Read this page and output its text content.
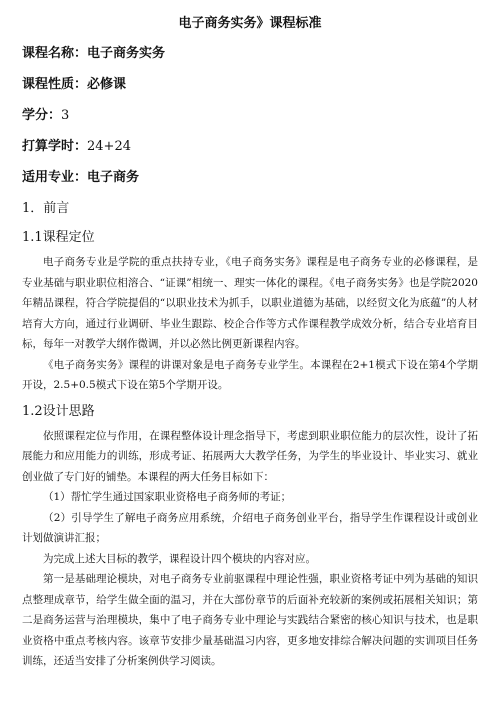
电子商务实务》课程标准
课程名称：电子商务实务
课程性质：必修课
学分：3
打算学时：24+24
适用专业：电子商务
1．前言
1.1课程定位

电子商务专业是学院的重点扶持专业，《电子商务实务》课程是电子商务专业的必修课程，是专业基础与职业职位相溶合、“证课”相统一、理实一体化的课程。《电子商务实务》也是学院2020年精品课程，符合学院提倡的“以职业技术为抓手，以职业道德为基础，以经贸文化为底蕴”的人材培育大方向，通过行业调研、毕业生跟踪、校企合作等方式作课程教学成效分析，结合专业培育目标，每年一对教学大纲作微调，并以必然比例更新课程内容。

《电子商务实务》课程的讲课对象是电子商务专业学生。本课程在2+1模式下设在第4个学期开设，2.5+0.5模式下设在第5个学期开设。

1.2设计思路

依照课程定位与作用，在课程整体设计理念指导下，考虑到职业职位能力的层次性，设计了拓展能力和应用能力的训练，形成考证、拓展两大大教学任务，为学生的毕业设计、毕业实习、就业创业做了专门好的铺垫。本课程的两大任务目标如下：

（1）帮忙学生通过国家职业资格电子商务师的考证；

（2）引导学生了解电子商务应用系统，介绍电子商务创业平台，指导学生作课程设计或创业计划做演讲汇报；

为完成上述大目标的教学，课程设计四个模块的内容对应。

第一是基础理论模块，对电子商务专业前驱课程中理论性强，职业资格考证中列为基础的知识点整理成章节，给学生做全面的温习，并在大部份章节的后面补充较新的案例或拓展相关知识；第二是商务运营与治理模块，集中了电子商务专业中理论与实践结合紧密的核心知识与技术，也是职业资格中重点考核内容。该章节安排少量基础温习内容，更多地安排综合解决问题的实训项目任务训练，还适当安排了分析案例供学习阅读。
